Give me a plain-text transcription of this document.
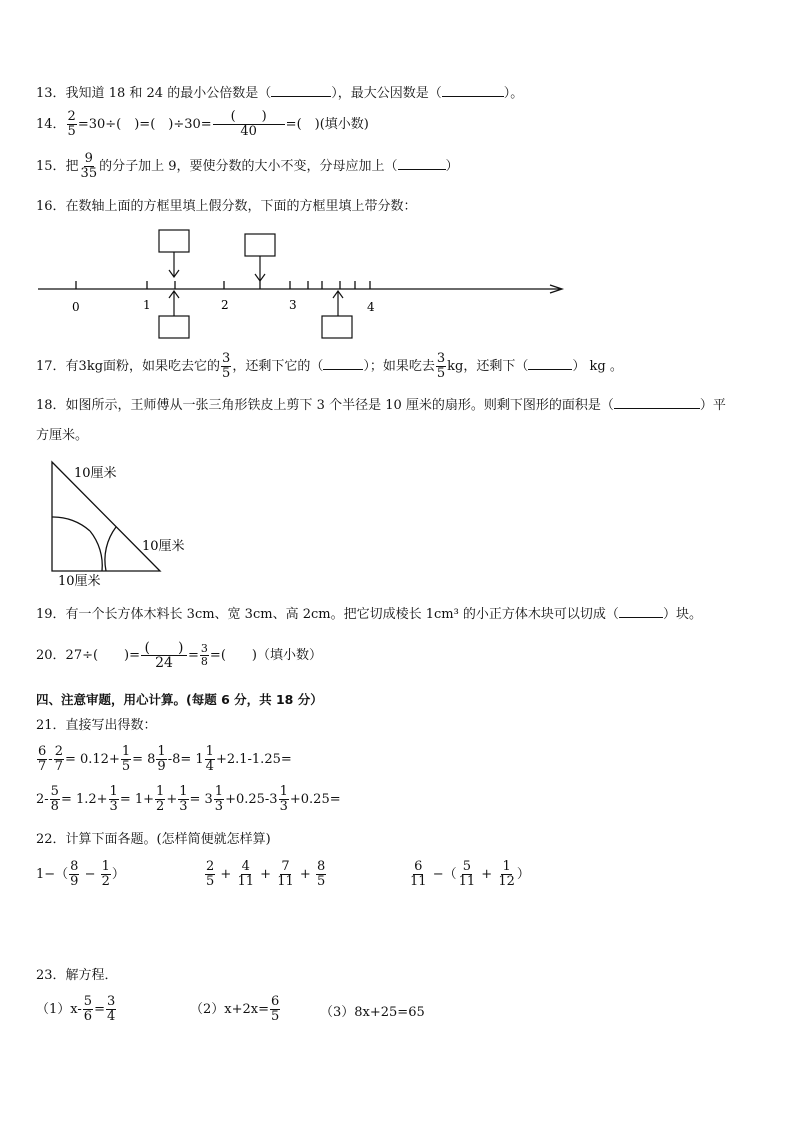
13．我知道 18 和 24 的最小公倍数是（	），最大公因数是（	）。
14． $\frac{2}{5} =30\div$(　)=(　)$\div 30= \frac{( )}{40}$ =(　)(填小数)
15．把 $\frac{9}{35}$ 的分子加上 9，要使分数的大小不变，分母应加上（	）
16．在数轴上面的方框里填上假分数，下面的方框里填上带分数：
0	1	2	3	4
17．有3kg面粉，如果吃去它的 $\frac{3}{5}$ ，还剩下它的（	）；如果吃去 $\frac{3}{5}$ kg，还剩下（	） kg 。
18．如图所示，王师傅从一张三角形铁皮上剪下 3 个半径是 10 厘米的扇形。则剩下图形的面积是（	）平
方厘米。
10厘米
10厘米
10厘米
19．有一个长方体木料长 3cm、宽 3cm、高 2cm。把它切成棱长 1cm³ 的小正方体木块可以切成（	）块。
20．27÷(　　)= $\frac{( )}{24} = \frac{3}{8}$ =(　　)（填小数）
四、注意审题，用心计算。(每题 6 分，共 18 分）
21．直接写出得数：
$\frac{6}{7} - \frac{2}{7} = 0.12+ \frac{1}{5} = 8 \frac{1}{9} -8= 1 \frac{1}{4} +2.1-1.25=$
$2- \frac{5}{8} = 1.2+ \frac{1}{3} = 1+ \frac{1}{2} + \frac{1}{3} = 3 \frac{1}{3} +0.25-3 \frac{1}{3} +0.25=$
22．计算下面各题。(怎样简便就怎样算)
$1-( \frac{8}{9} - \frac{1}{2}$ ）	$\frac{2}{5} + \frac{4}{11} + \frac{7}{11} + \frac{8}{5}$	$\frac{6}{11}$ −（ $\frac{5}{11} + \frac{1}{12}$ ）
23．解方程．
$(1)x- \frac{5}{6} = \frac{3}{4}$	$(2)x+2x= \frac{6}{5}$	（3）8x+25=65
